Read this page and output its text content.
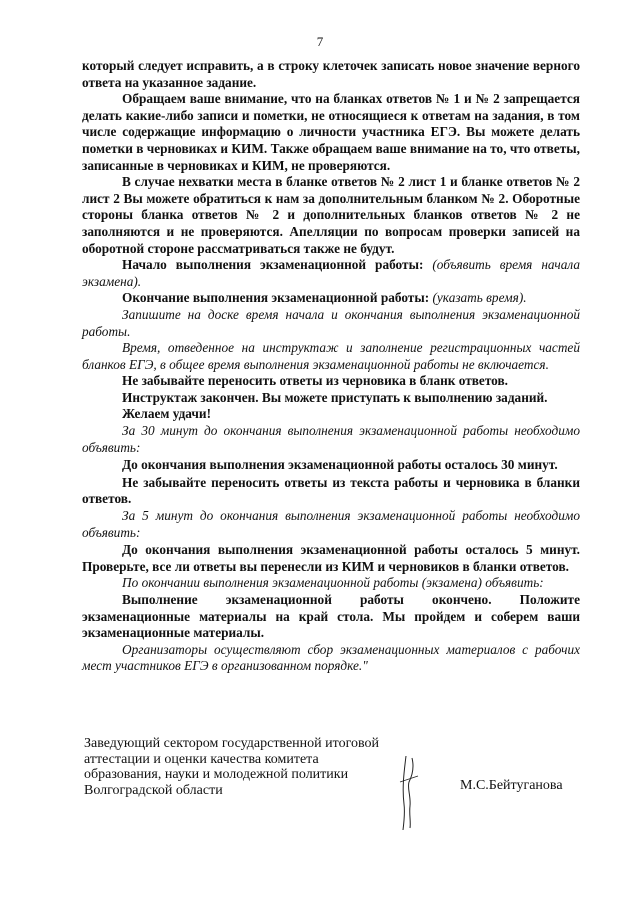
7

который следует исправить, а в строку клеточек записать новое значение верного ответа на указанное задание.

Обращаем ваше внимание, что на бланках ответов № 1 и № 2 запрещается делать какие-либо записи и пометки, не относящиеся к ответам на задания, в том числе содержащие информацию о личности участника ЕГЭ. Вы можете делать пометки в черновиках и КИМ. Также обращаем ваше внимание на то, что ответы, записанные в черновиках и КИМ, не проверяются.

В случае нехватки места в бланке ответов № 2 лист 1 и бланке ответов № 2 лист 2 Вы можете обратиться к нам за дополнительным бланком № 2. Оборотные стороны бланка ответов № 2 и дополнительных бланков ответов № 2 не заполняются и не проверяются. Апелляции по вопросам проверки записей на оборотной стороне рассматриваться также не будут.

Начало выполнения экзаменационной работы: (объявить время начала экзамена).

Окончание выполнения экзаменационной работы: (указать время).

Запишите на доске время начала и окончания выполнения экзаменационной работы.

Время, отведенное на инструктаж и заполнение регистрационных частей бланков ЕГЭ, в общее время выполнения экзаменационной работы не включается.

Не забывайте переносить ответы из черновика в бланк ответов.

Инструктаж закончен. Вы можете приступать к выполнению заданий.

Желаем удачи!

За 30 минут до окончания выполнения экзаменационной работы необходимо объявить:

До окончания выполнения экзаменационной работы осталось 30 минут.

Не забывайте переносить ответы из текста работы и черновика в бланки ответов.

За 5 минут до окончания выполнения экзаменационной работы необходимо объявить:

До окончания выполнения экзаменационной работы осталось 5 минут. Проверьте, все ли ответы вы перенесли из КИМ и черновиков в бланки ответов.

По окончании выполнения экзаменационной работы (экзамена) объявить:

Выполнение экзаменационной работы окончено. Положите экзаменационные материалы на край стола. Мы пройдем и соберем ваши экзаменационные материалы.

Организаторы осуществляют сбор экзаменационных материалов с рабочих мест участников ЕГЭ в организованном порядке."

Заведующий сектором государственной итоговой аттестации и оценки качества комитета образования, науки и молодежной политики Волгоградской области	М.С.Бейтуганова
